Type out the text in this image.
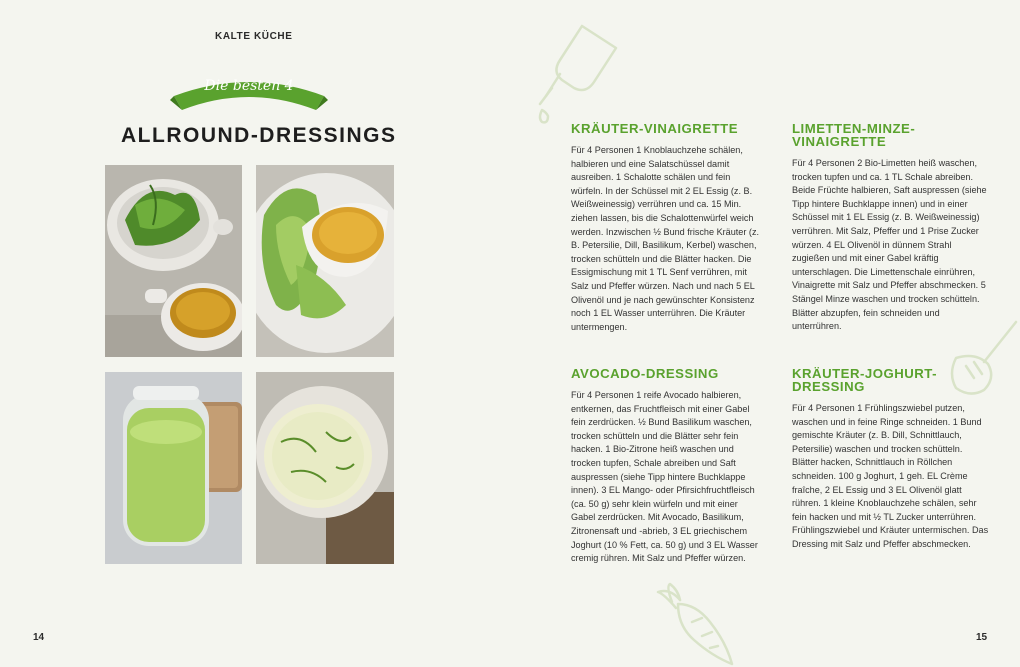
KALTE KÜCHE
Die besten 4
ALLROUND-DRESSINGS
14
KRÄUTER-VINAIGRETTE

Für 4 Personen 1 Knoblauchzehe schälen, halbieren und eine Salatschüssel damit ausreiben. 1 Schalotte schälen und fein würfeln. In der Schüssel mit 2 EL Essig (z. B. Weißweinessig) verrühren und ca. 15 Min. ziehen lassen, bis die Schalottenwürfel weich werden. Inzwischen ½ Bund frische Kräuter (z. B. Petersilie, Dill, Basilikum, Kerbel) waschen, trocken schütteln und die Blätter hacken. Die Essigmischung mit 1 TL Senf verrühren, mit Salz und Pfeffer würzen. Nach und nach 5 EL Olivenöl und je nach gewünschter Konsistenz noch 1 EL Wasser unterrühren. Die Kräuter untermengen.

LIMETTEN-MINZE-VINAIGRETTE

Für 4 Personen 2 Bio-Limetten heiß waschen, trocken tupfen und ca. 1 TL Schale abreiben. Beide Früchte halbieren, Saft auspressen (siehe Tipp hintere Buchklappe innen) und in einer Schüssel mit 1 EL Essig (z. B. Weißweinessig) verrühren. Mit Salz, Pfeffer und 1 Prise Zucker würzen. 4 EL Olivenöl in dünnem Strahl zugießen und mit einer Gabel kräftig unterschlagen. Die Limettenschale einrühren, Vinaigrette mit Salz und Pfeffer abschmecken. 5 Stängel Minze waschen und trocken schütteln. Blätter abzupfen, fein schneiden und unterrühren.

AVOCADO-DRESSING

Für 4 Personen 1 reife Avocado halbieren, entkernen, das Fruchtfleisch mit einer Gabel fein zerdrücken. ½ Bund Basilikum waschen, trocken schütteln und die Blätter sehr fein hacken. 1 Bio-Zitrone heiß waschen und trocken tupfen, Schale abreiben und Saft auspressen (siehe Tipp hintere Buchklappe innen). 3 EL Mango- oder Pfirsichfruchtfleisch (ca. 50 g) sehr klein würfeln und mit einer Gabel zerdrücken. Mit Avocado, Basilikum, Zitronensaft und -abrieb, 3 EL griechischem Joghurt (10 % Fett, ca. 50 g) und 3 EL Wasser cremig rühren. Mit Salz und Pfeffer würzen.

KRÄUTER-JOGHURT-DRESSING

Für 4 Personen 1 Frühlingszwiebel putzen, waschen und in feine Ringe schneiden. 1 Bund gemischte Kräuter (z. B. Dill, Schnittlauch, Petersilie) waschen und trocken schütteln. Blätter hacken, Schnittlauch in Röllchen schneiden. 100 g Joghurt, 1 geh. EL Crème fraîche, 2 EL Essig und 3 EL Olivenöl glatt rühren. 1 kleine Knoblauchzehe schälen, sehr fein hacken und mit ½ TL Zucker unterrühren. Frühlingszwiebel und Kräuter untermischen. Das Dressing mit Salz und Pfeffer abschmecken.

15
